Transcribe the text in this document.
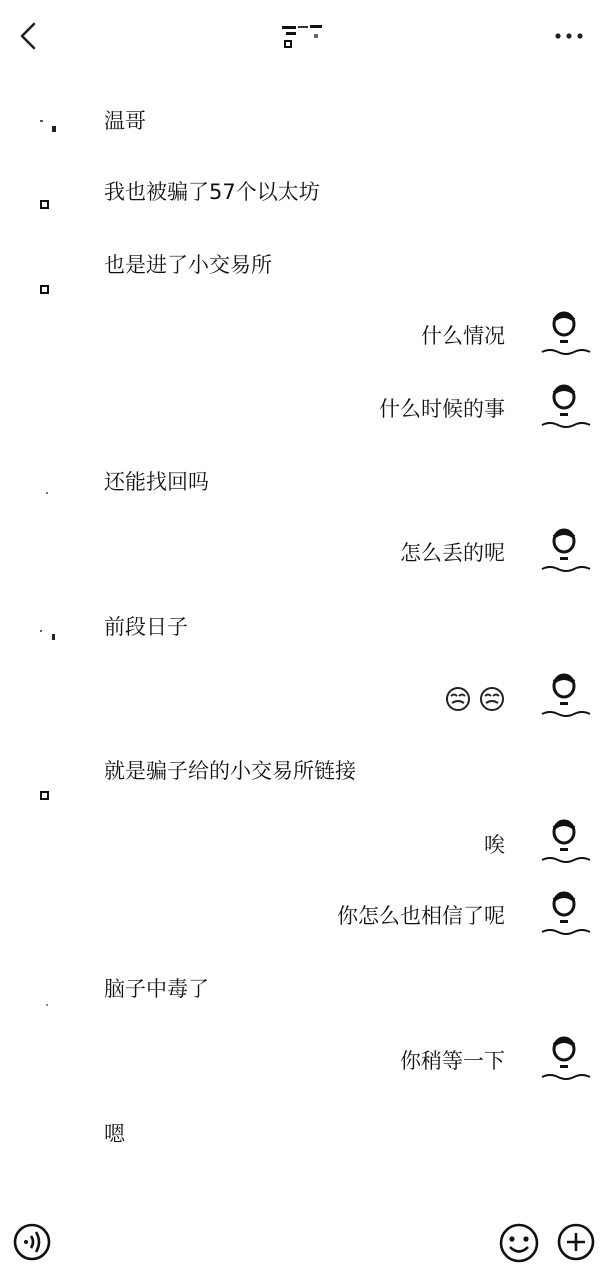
温哥
我也被骗了57个以太坊
也是进了小交易所
什么情况
什么时候的事
还能找回吗
怎么丢的呢
前段日子
就是骗子给的小交易所链接
唉
你怎么也相信了呢
脑子中毒了
你稍等一下
嗯
